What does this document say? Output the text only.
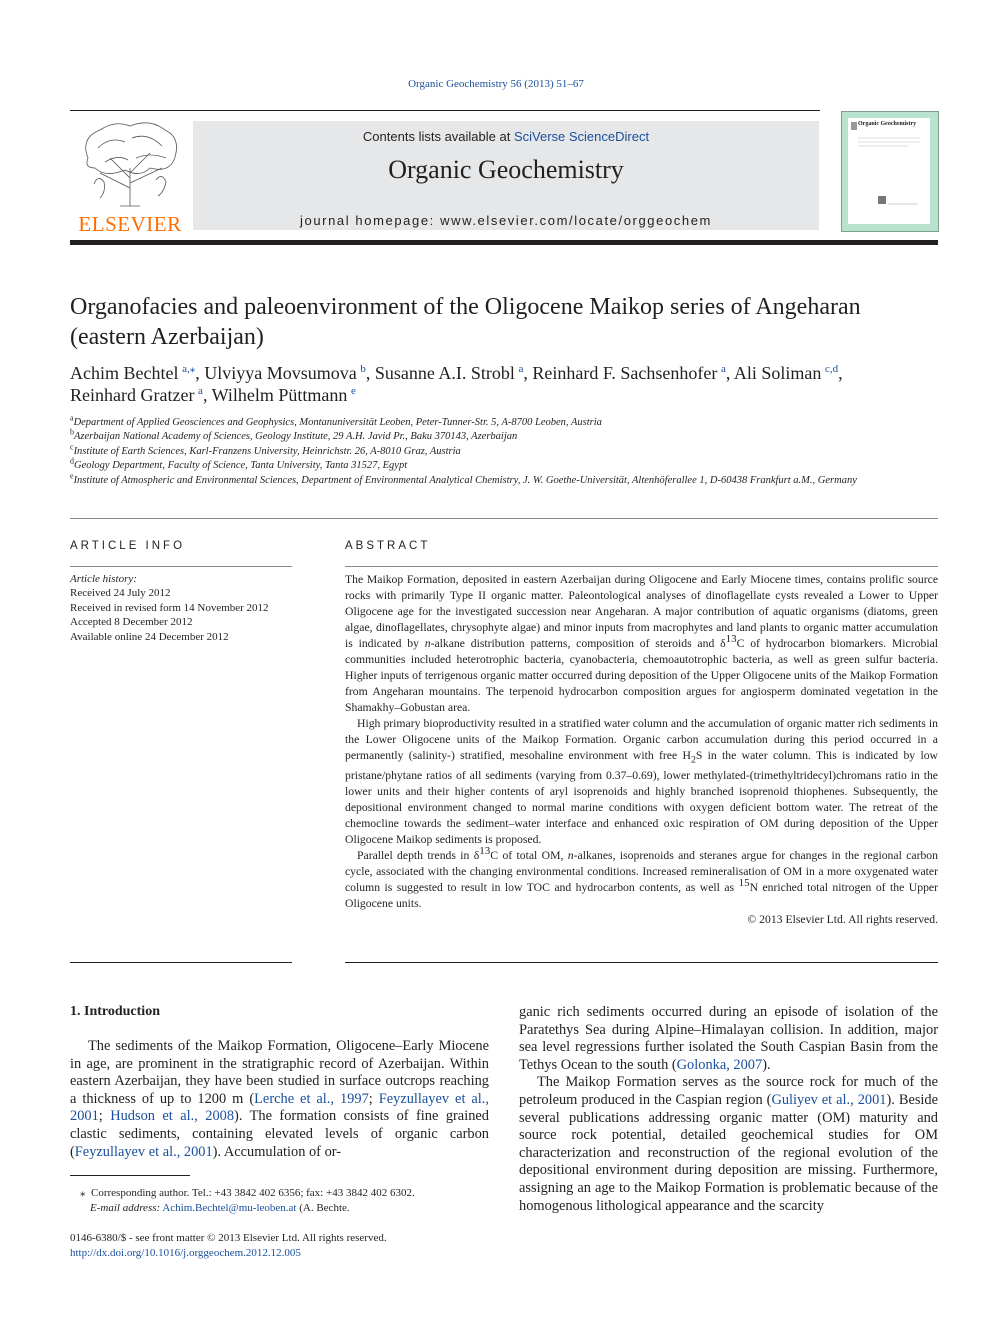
Organic Geochemistry 56 (2013) 51–67
ELSEVIER
Contents lists available at SciVerse ScienceDirect
Organic Geochemistry
journal homepage: www.elsevier.com/locate/orggeochem
Organic Geochemistry
Organofacies and paleoenvironment of the Oligocene Maikop series of Angeharan (eastern Azerbaijan)
Achim Bechtel  $^{a,⁎}$, Ulviyya Movsumova  $^b$, Susanne A.I. Strobl  $^a$, Reinhard F. Sachsenhofer  $^a$, Ali Soliman  $^{c,d}$,
Reinhard Gratzer  $^a$, Wilhelm Püttmann  $^e$
$^a$Department of Applied Geosciences and Geophysics, Montanuniversität Leoben, Peter-Tunner-Str. 5, A-8700 Leoben, Austria
$^b$Azerbaijan National Academy of Sciences, Geology Institute, 29 A.H. Javid Pr., Baku 370143, Azerbaijan
$^c$Institute of Earth Sciences, Karl-Franzens University, Heinrichstr. 26, A-8010 Graz, Austria
$^d$Geology Department, Faculty of Science, Tanta University, Tanta 31527, Egypt
$^e$Institute of Atmospheric and Environmental Sciences, Department of Environmental Analytical Chemistry, J. W. Goethe-Universität, Altenhöferallee 1, D-60438 Frankfurt a.M., Germany
ARTICLE INFO
Article history:
Received 24 July 2012
Received in revised form 14 November 2012
Accepted 8 December 2012
Available online 24 December 2012
ABSTRACT

The Maikop Formation, deposited in eastern Azerbaijan during Oligocene and Early Miocene times, contains prolific source rocks with primarily Type II organic matter. Paleontological analyses of dinoflagellate cysts revealed a Lower to Upper Oligocene age for the investigated succession near Angeharan. A major contribution of aquatic organisms (diatoms, green algae, dinoflagellates, chrysophyte algae) and minor inputs from macrophytes and land plants to organic matter accumulation is indicated by n-alkane distribution patterns, composition of steroids and $\delta^{13}C$ of hydrocarbon biomarkers. Microbial communities included heterotrophic bacteria, cyanobacteria, chemoautotrophic bacteria, as well as green sulfur bacteria. Higher inputs of terrigenous organic matter occurred during deposition of the Upper Oligocene units of the Maikop Formation from Angeharan mountains. The terpenoid hydrocarbon composition argues for angiosperm dominated vegetation in the Shamakhy–Gobustan area.

High primary bioproductivity resulted in a stratified water column and the accumulation of organic matter rich sediments in the Lower Oligocene units of the Maikop Formation. Organic carbon accumulation during this period occurred in a permanently (salinity-) stratified, mesohaline environment with free $H_2S$ in the water column. This is indicated by low pristane/phytane ratios of all sediments (varying from 0.37–0.69), lower methylated-(trimethyltridecyl)chromans ratio in the lower units and their higher contents of aryl isoprenoids and highly branched isoprenoid thiophenes. Subsequently, the depositional environment changed to normal marine conditions with oxygen deficient bottom water. The retreat of the chemocline towards the sediment–water interface and enhanced oxic respiration of OM during deposition of the Upper Oligocene Maikop sediments is proposed.

Parallel depth trends in $\delta^{13}C$ of total OM, n-alkanes, isoprenoids and steranes argue for changes in the regional carbon cycle, associated with the changing environmental conditions. Increased remineralisation of OM in a more oxygenated water column is suggested to result in low TOC and hydrocarbon contents, as well as $^{15}$N enriched total nitrogen of the Upper Oligocene units.

© 2013 Elsevier Ltd. All rights reserved.

1. Introduction

The sediments of the Maikop Formation, Oligocene–Early Miocene in age, are prominent in the stratigraphic record of Azerbaijan. Within eastern Azerbaijan, they have been studied in surface outcrops reaching a thickness of up to 1200 m (Lerche et al., 1997; Feyzullayev et al., 2001; Hudson et al., 2008). The formation consists of fine grained clastic sediments, containing elevated levels of organic carbon (Feyzullayev et al., 2001). Accumulation of or-

ganic rich sediments occurred during an episode of isolation of the Paratethys Sea during Alpine–Himalayan collision. In addition, major sea level regressions further isolated the South Caspian Basin from the Tethys Ocean to the south (Golonka, 2007).

The Maikop Formation serves as the source rock for much of the petroleum produced in the Caspian region (Guliyev et al., 2001). Beside several publications addressing organic matter (OM) maturity and source rock potential, detailed geochemical studies for OM characterization and reconstruction of the regional evolution of the depositional environment during deposition are missing. Furthermore, assigning an age to the Maikop Formation is problematic because of the homogenous lithological appearance and the scarcity

⁎ Corresponding author. Tel.: +43 3842 402 6356; fax: +43 3842 402 6302.
E-mail address: Achim.Bechtel@mu-leoben.at (A. Bechte.
0146-6380/$ - see front matter © 2013 Elsevier Ltd. All rights reserved.
http://dx.doi.org/10.1016/j.orggeochem.2012.12.005
